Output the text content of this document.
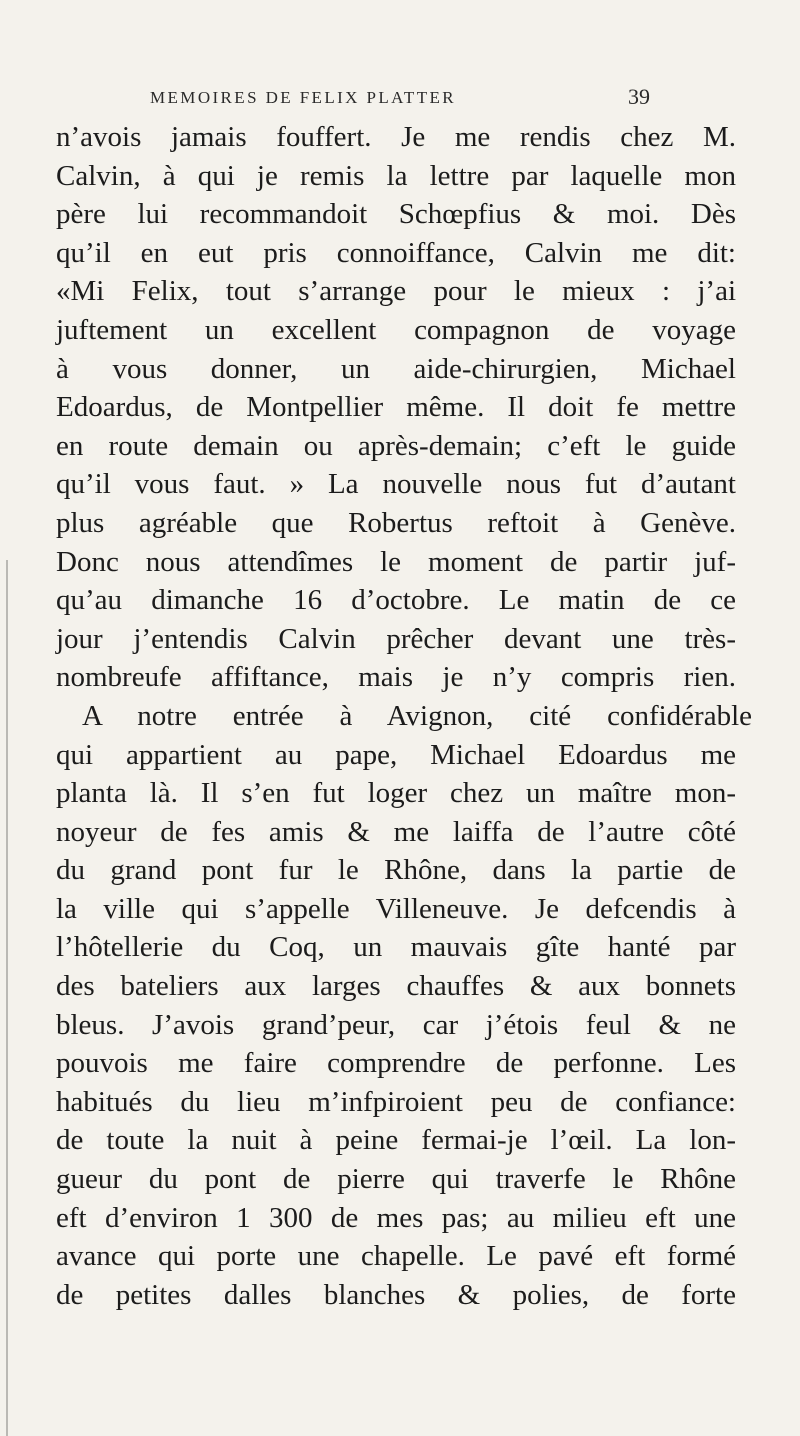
MEMOIRES DE FELIX PLATTER	39
n’avois jamais fouffert. Je me rendis chez M.
Calvin, à qui je remis la lettre par laquelle mon
père lui recommandoit Schœpfius & moi. Dès
qu’il en eut pris connoiffance, Calvin me dit:
«Mi Felix, tout s’arrange pour le mieux : j’ai
juftement un excellent compagnon de voyage
à vous donner, un aide-chirurgien, Michael
Edoardus, de Montpellier même. Il doit fe mettre
en route demain ou après-demain; c’eft le guide
qu’il vous faut. » La nouvelle nous fut d’autant
plus agréable que Robertus reftoit à Genève.
Donc nous attendîmes le moment de partir juf-
qu’au dimanche 16 d’octobre. Le matin de ce
jour j’entendis Calvin prêcher devant une très-
nombreufe affiftance, mais je n’y compris rien.
A notre entrée à Avignon, cité confidérable
qui appartient au pape, Michael Edoardus me
planta là. Il s’en fut loger chez un maître mon-
noyeur de fes amis & me laiffa de l’autre côté
du grand pont fur le Rhône, dans la partie de
la ville qui s’appelle Villeneuve. Je defcendis à
l’hôtellerie du Coq, un mauvais gîte hanté par
des bateliers aux larges chauffes & aux bonnets
bleus. J’avois grand’peur, car j’étois feul & ne
pouvois me faire comprendre de perfonne. Les
habitués du lieu m’infpiroient peu de confiance:
de toute la nuit à peine fermai-je l’œil. La lon-
gueur du pont de pierre qui traverfe le Rhône
eft d’environ 1 300 de mes pas; au milieu eft une
avance qui porte une chapelle. Le pavé eft formé
de petites dalles blanches & polies, de forte
